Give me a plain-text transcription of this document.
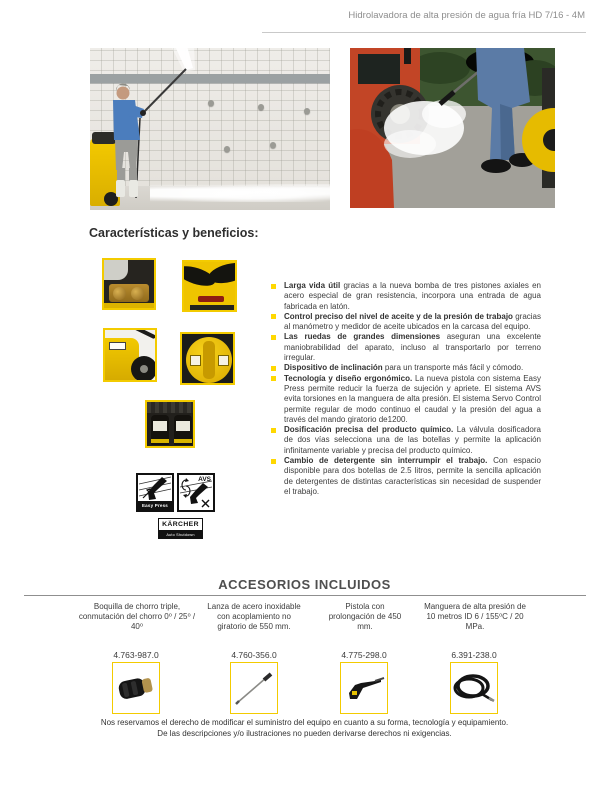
Hidrolavadora de alta presión de agua fría HD 7/16 - 4M
Características y beneficios:
Easy Press
AVS
KÄRCHER
Auto Shutdown
Larga vida útil gracias a la nueva bomba de tres pistones axiales en acero especial de gran resistencia, incorpora una entrada de agua fabricada en latón.
Control preciso del nivel de aceite y de la presión de trabajo gracias al manómetro y medidor de aceite ubicados en la carcasa del equipo.
Las ruedas de grandes dimensiones aseguran una excelente maniobrabilidad del aparato, incluso al transportarlo por terreno irregular.
Dispositivo de inclinación para un transporte más fácil y cómodo.
Tecnología y diseño ergonómico. La nueva pistola con sistema Easy Press permite reducir la fuerza de sujeción y apriete. El sistema AVS evita torsiones en la manguera de alta presión. El sistema Servo Control permite regular de modo continuo el caudal y la presión del agua a través del mando giratorio de1200.
Dosificación precisa del producto químico. La válvula dosificadora de dos vías selecciona una de las botellas y permite la aplicación infinitamente variable y precisa del producto químico.
Cambio de detergente sin interrumpir el trabajo. Con espacio disponible para dos botellas de 2.5 litros, permite la sencilla aplicación de detergentes de distintas características sin necesidad de suspender el trabajo.
ACCESORIOS INCLUIDOS
Boquilla de chorro triple, conmutación del chorro 0⁰ / 25⁰ / 40⁰
Lanza de acero inoxidable con acoplamiento no giratorio de 550 mm.
Pistola con prolongación de 450 mm.
Manguera de alta presión de 10 metros ID 6 / 155⁰C / 20 MPa.
4.763-987.0	4.760-356.0	4.775-298.0	6.391-238.0
Nos reservamos el derecho de modificar el suministro del equipo en cuanto a su forma, tecnología y equipamiento.
De las descripciones y/o ilustraciones no pueden derivarse derechos ni exigencias.
